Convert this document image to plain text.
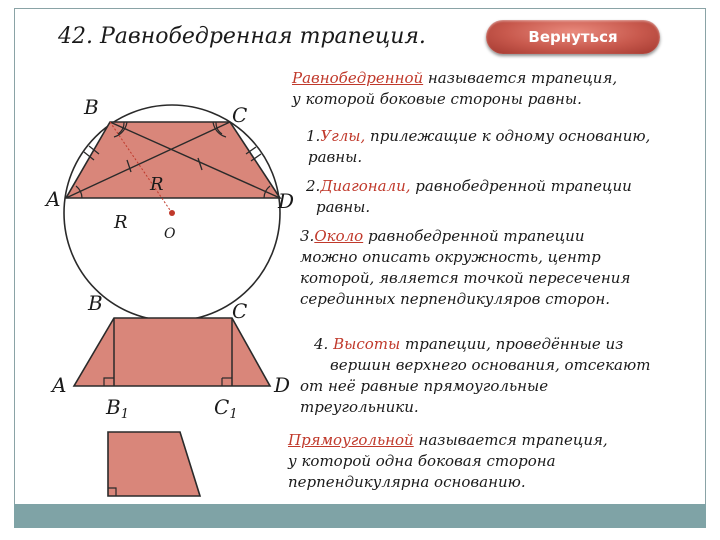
42. Равнобедренная трапеция.	Вернуться
B	C
A	D
R
R
O
B	C
A	D
$B_1$	$C_1$
Равнобедренной называется трапеция,
у которой боковые стороны равны.
1.Углы, прилежащие к одному основанию,
равны.
2.Диагонали, равнобедренной трапеции
равны.
3.Около равнобедренной трапеции
можно описать окружность, центр
которой, является точкой пересечения
серединных перпендикуляров сторон.
4. Высоты трапеции, проведённые из
вершин верхнего основания, отсекают
от неё равные прямоугольные
треугольники.
Прямоугольной называется трапеция,
у которой одна боковая сторона
перпендикулярна основанию.
